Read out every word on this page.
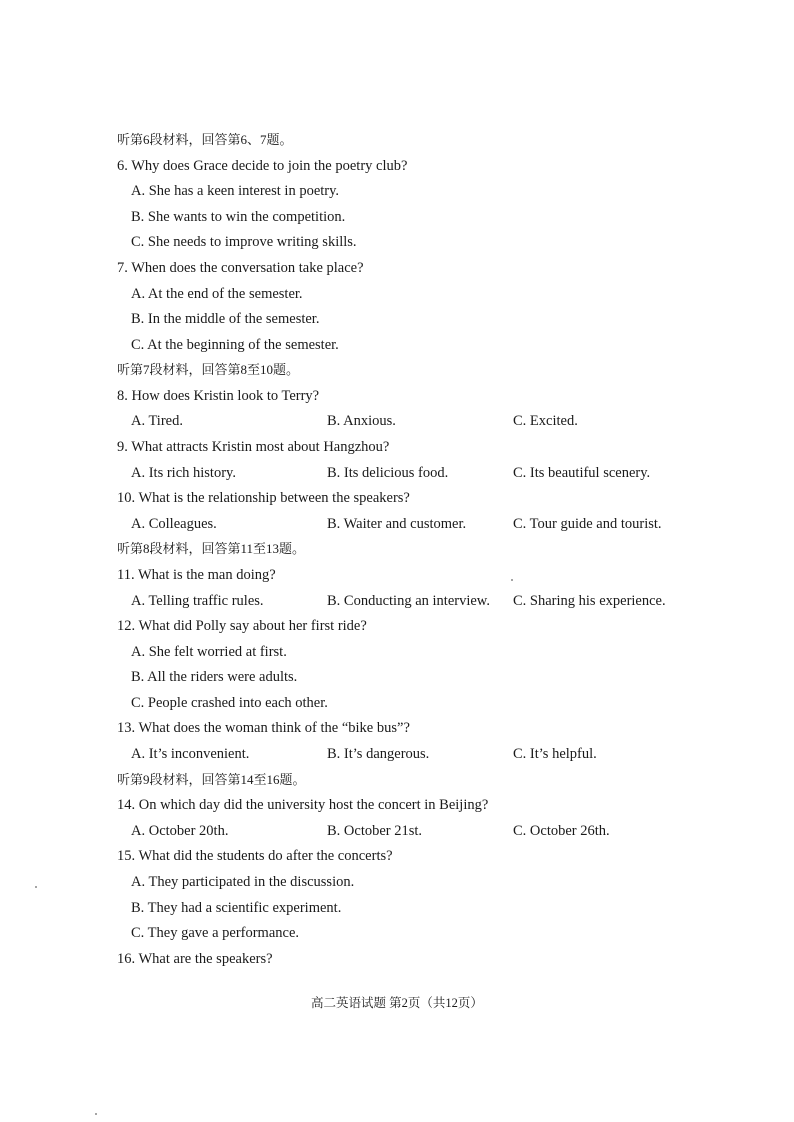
听第6段材料，回答第6、7题。
6. Why does Grace decide to join the poetry club?
A. She has a keen interest in poetry.
B. She wants to win the competition.
C. She needs to improve writing skills.
7. When does the conversation take place?
A. At the end of the semester.
B. In the middle of the semester.
C. At the beginning of the semester.
听第7段材料，回答第8至10题。
8. How does Kristin look to Terry?
A. Tired.	B. Anxious.	C. Excited.
9. What attracts Kristin most about Hangzhou?
A. Its rich history.	B. Its delicious food.	C. Its beautiful scenery.
10. What is the relationship between the speakers?
A. Colleagues.	B. Waiter and customer.	C. Tour guide and tourist.
听第8段材料，回答第11至13题。
11. What is the man doing?
A. Telling traffic rules.	B. Conducting an interview. C. Sharing his experience.
12. What did Polly say about her first ride?
A. She felt worried at first.
B. All the riders were adults.
C. People crashed into each other.
13. What does the woman think of the “bike bus”?
A. It’s inconvenient.	B. It’s dangerous.	C. It’s helpful.
听第9段材料，回答第14至16题。
14. On which day did the university host the concert in Beijing?
A. October 20th.	B. October 21st.	C. October 26th.
15. What did the students do after the concerts?
A. They participated in the discussion.
B. They had a scientific experiment.
C. They gave a performance.
16. What are the speakers?
高二英语试题 第2页（共12页）
